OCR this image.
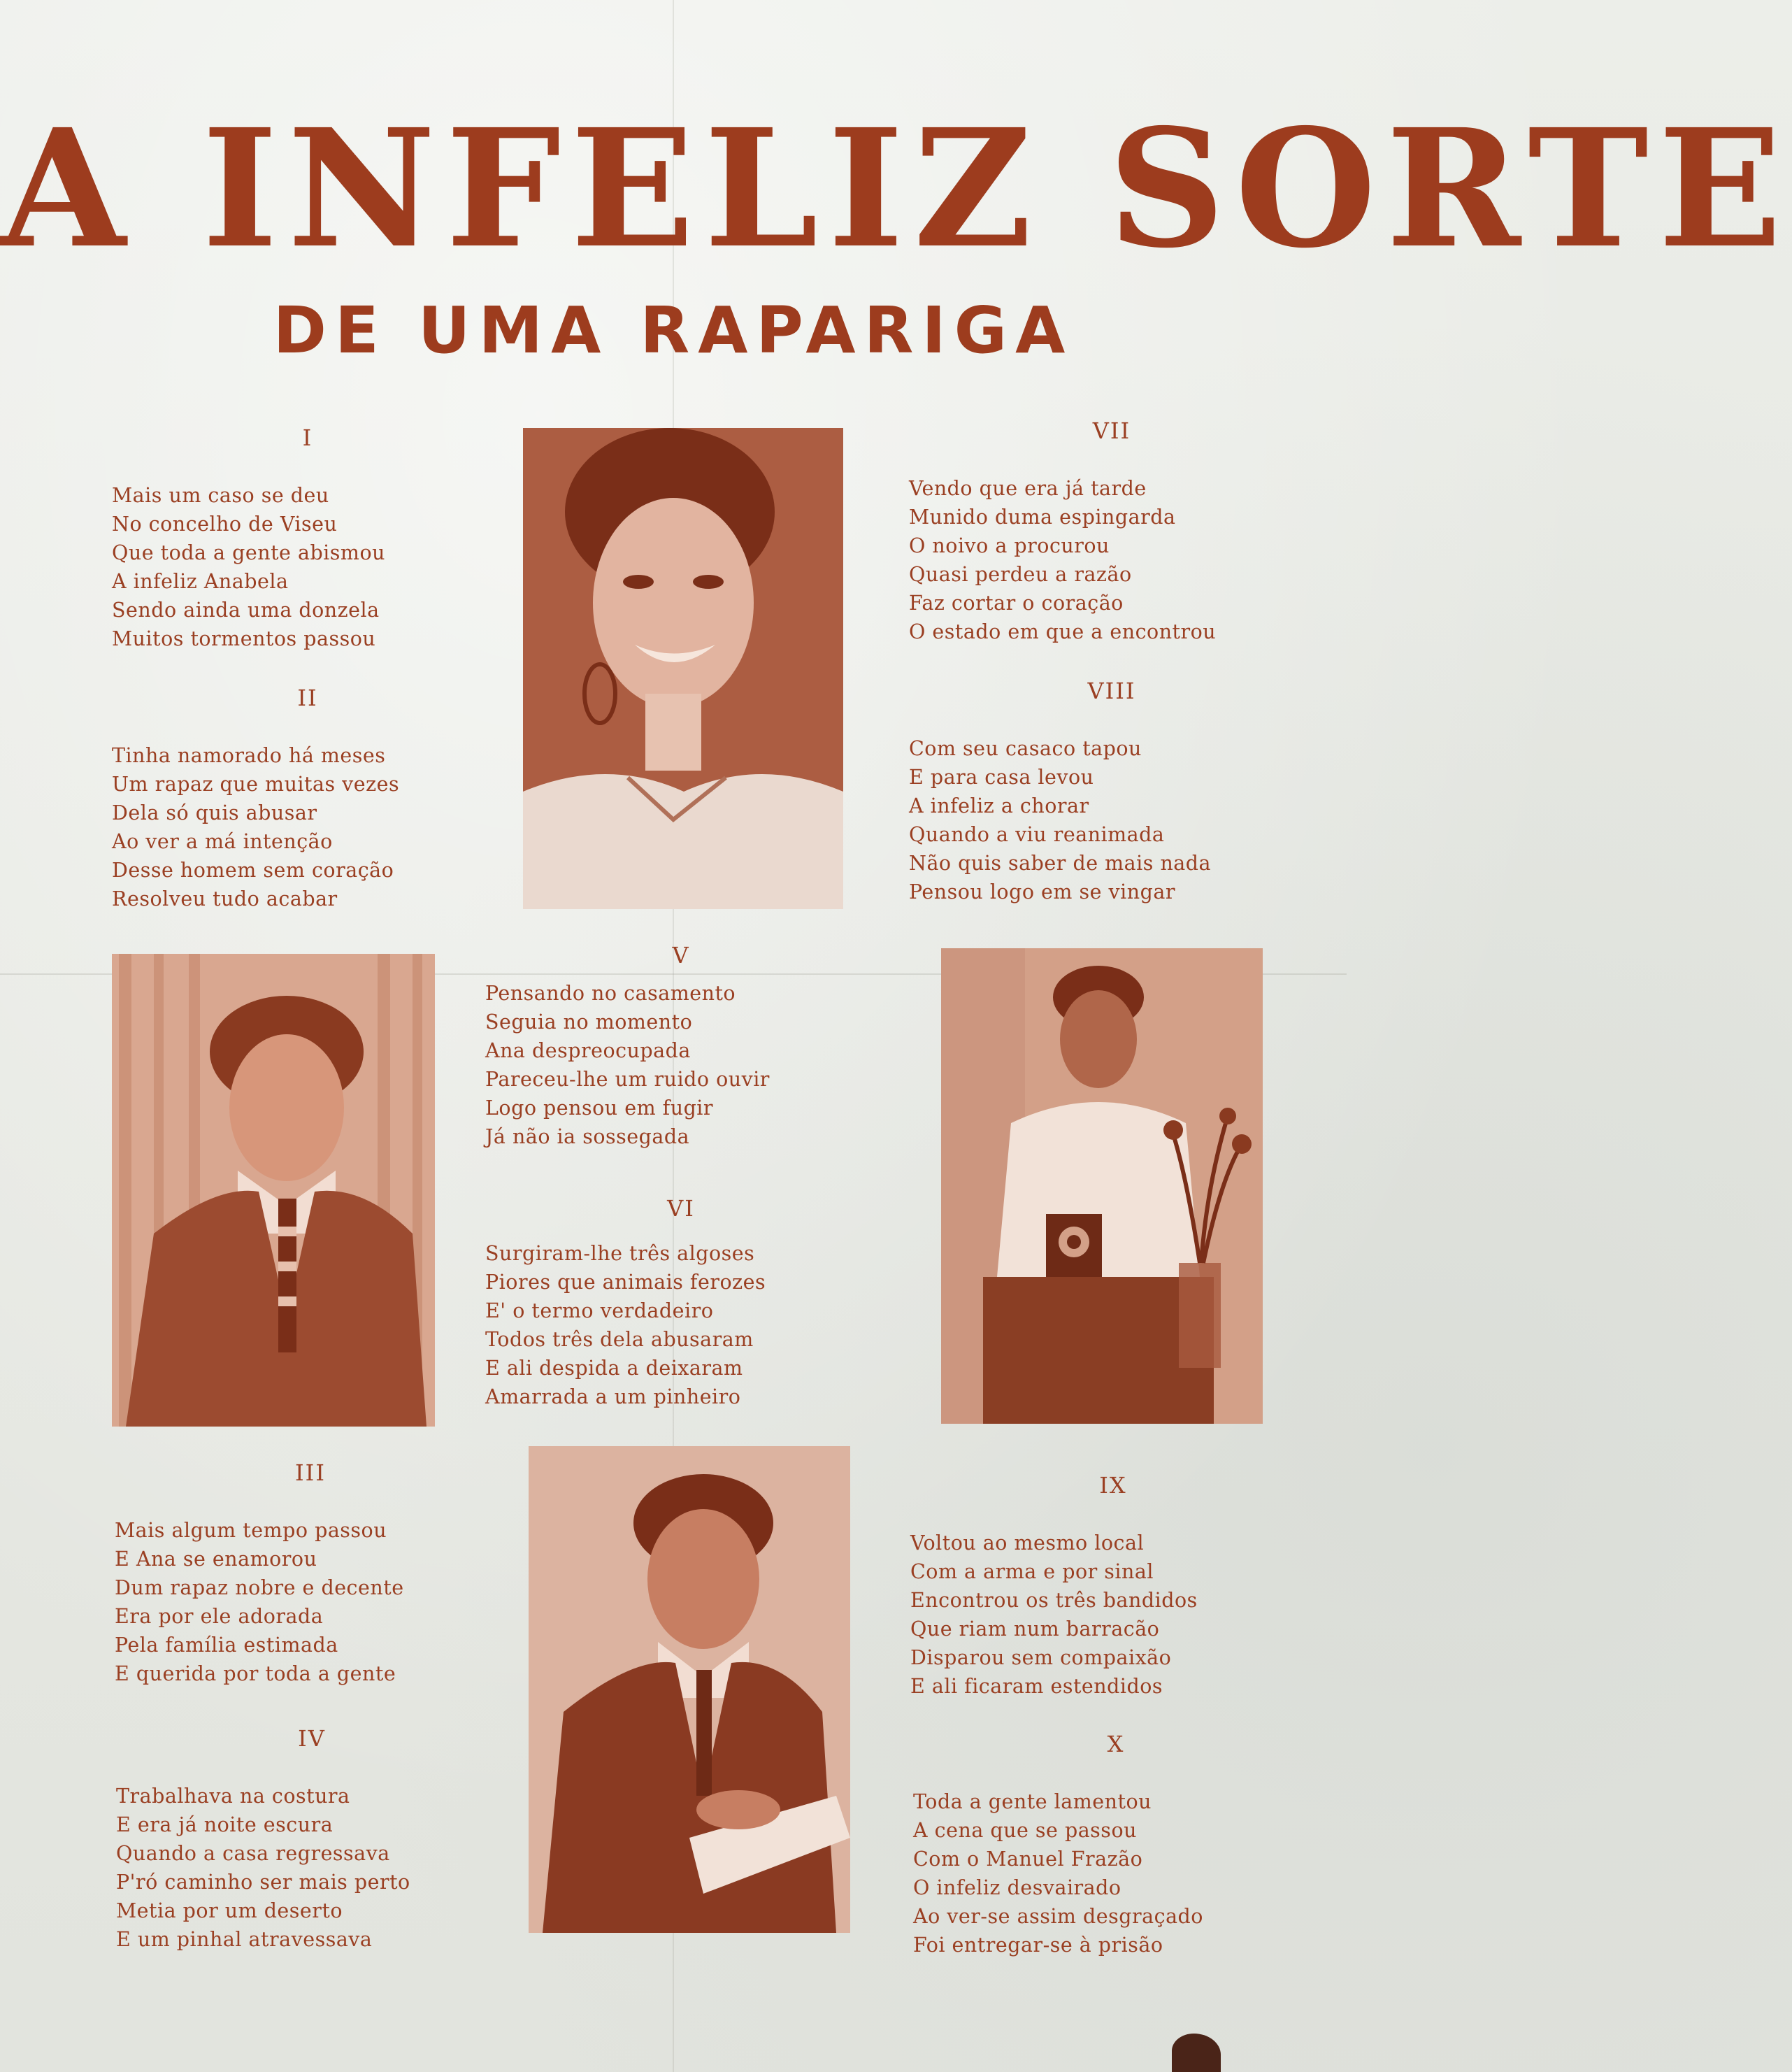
A INFELIZ SORTE
DE UMA RAPARIGA
I
Mais um caso se deu
No concelho de Viseu
Que toda a gente abismou
A infeliz Anabela
Sendo ainda uma donzela
Muitos tormentos passou
II
Tinha namorado há meses
Um rapaz que muitas vezes
Dela só quis abusar
Ao ver a má intenção
Desse homem sem coração
Resolveu tudo acabar
III
Mais algum tempo passou
E Ana se enamorou
Dum rapaz nobre e decente
Era por ele adorada
Pela família estimada
E querida por toda a gente
IV
Trabalhava na costura
E era já noite escura
Quando a casa regressava
P'ró caminho ser mais perto
Metia por um deserto
E um pinhal atravessava
V
Pensando no casamento
Seguia no momento
Ana despreocupada
Pareceu-lhe um ruido ouvir
Logo pensou em fugir
Já não ia sossegada
VI
Surgiram-lhe três algoses
Piores que animais ferozes
E' o termo verdadeiro
Todos três dela abusaram
E ali despida a deixaram
Amarrada a um pinheiro
VII
Vendo que era já tarde
Munido duma espingarda
O noivo a procurou
Quasi perdeu a razão
Faz cortar o coração
O estado em que a encontrou
VIII
Com seu casaco tapou
E para casa levou
A infeliz a chorar
Quando a viu reanimada
Não quis saber de mais nada
Pensou logo em se vingar
IX
Voltou ao mesmo local
Com a arma e por sinal
Encontrou os três bandidos
Que riam num barracão
Disparou sem compaixão
E ali ficaram estendidos
X
Toda a gente lamentou
A cena que se passou
Com o Manuel Frazão
O infeliz desvairado
Ao ver-se assim desgraçado
Foi entregar-se à prisão
